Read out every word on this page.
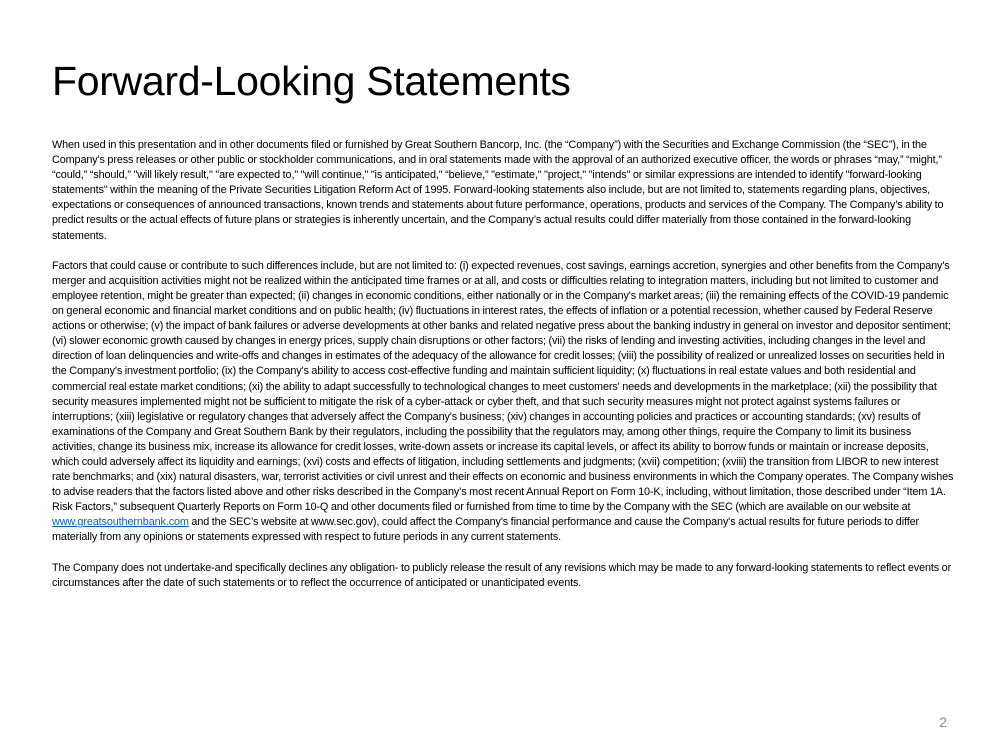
Forward-Looking Statements

When used in this presentation and in other documents filed or furnished by Great Southern Bancorp, Inc. (the “Company”) with the Securities and Exchange Commission (the “SEC”), in the Company's press releases or other public or stockholder communications, and in oral statements made with the approval of an authorized executive officer, the words or phrases “may,” “might,” “could,” “should,” "will likely result," "are expected to," "will continue," "is anticipated," “believe,” "estimate," "project," "intends" or similar expressions are intended to identify "forward-looking statements" within the meaning of the Private Securities Litigation Reform Act of 1995. Forward-looking statements also include, but are not limited to, statements regarding plans, objectives, expectations or consequences of announced transactions, known trends and statements about future performance, operations, products and services of the Company. The Company’s ability to predict results or the actual effects of future plans or strategies is inherently uncertain, and the Company’s actual results could differ materially from those contained in the forward-looking statements.

Factors that could cause or contribute to such differences include, but are not limited to: (i) expected revenues, cost savings, earnings accretion, synergies and other benefits from the Company's merger and acquisition activities might not be realized within the anticipated time frames or at all, and costs or difficulties relating to integration matters, including but not limited to customer and employee retention, might be greater than expected; (ii) changes in economic conditions, either nationally or in the Company's market areas; (iii) the remaining effects of the COVID-19 pandemic on general economic and financial market conditions and on public health; (iv) fluctuations in interest rates, the effects of inflation or a potential recession, whether caused by Federal Reserve actions or otherwise; (v) the impact of bank failures or adverse developments at other banks and related negative press about the banking industry in general on investor and depositor sentiment; (vi) slower economic growth caused by changes in energy prices, supply chain disruptions or other factors; (vii) the risks of lending and investing activities, including changes in the level and direction of loan delinquencies and write-offs and changes in estimates of the adequacy of the allowance for credit losses; (viii) the possibility of realized or unrealized losses on securities held in the Company's investment portfolio; (ix) the Company's ability to access cost-effective funding and maintain sufficient liquidity; (x) fluctuations in real estate values and both residential and commercial real estate market conditions; (xi) the ability to adapt successfully to technological changes to meet customers' needs and developments in the marketplace; (xii) the possibility that security measures implemented might not be sufficient to mitigate the risk of a cyber-attack or cyber theft, and that such security measures might not protect against systems failures or interruptions; (xiii) legislative or regulatory changes that adversely affect the Company's business; (xiv) changes in accounting policies and practices or accounting standards; (xv) results of examinations of the Company and Great Southern Bank by their regulators, including the possibility that the regulators may, among other things, require the Company to limit its business activities, change its business mix, increase its allowance for credit losses, write-down assets or increase its capital levels, or affect its ability to borrow funds or maintain or increase deposits, which could adversely affect its liquidity and earnings; (xvi) costs and effects of litigation, including settlements and judgments; (xvii) competition; (xviii) the transition from LIBOR to new interest rate benchmarks; and (xix) natural disasters, war, terrorist activities or civil unrest and their effects on economic and business environments in which the Company operates. The Company wishes to advise readers that the factors listed above and other risks described in the Company’s most recent Annual Report on Form 10-K, including, without limitation, those described under “Item 1A. Risk Factors,” subsequent Quarterly Reports on Form 10-Q and other documents filed or furnished from time to time by the Company with the SEC (which are available on our website at www.greatsouthernbank.com and the SEC’s website at www.sec.gov), could affect the Company's financial performance and cause the Company's actual results for future periods to differ materially from any opinions or statements expressed with respect to future periods in any current statements.

The Company does not undertake-and specifically declines any obligation- to publicly release the result of any revisions which may be made to any forward-looking statements to reflect events or circumstances after the date of such statements or to reflect the occurrence of anticipated or unanticipated events.

2
